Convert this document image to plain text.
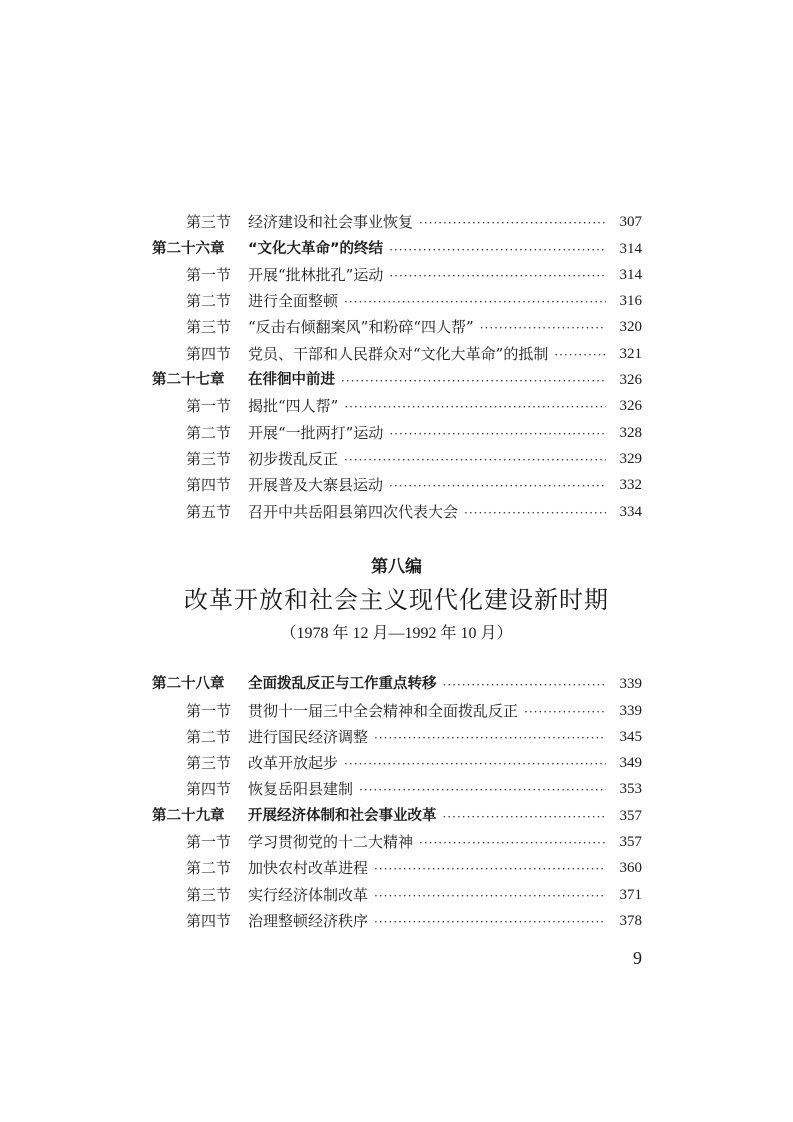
第三节	经济建设和社会事业恢复 ·····	307
第二十六章	“文化大革命”的终结 ·····	314
第一节	开展“批林批孔”运动 ·····	314
第二节	进行全面整顿 ·····	316
第三节	“反击右倾翻案风”和粉碎“四人帮” ·····	320
第四节	党员、干部和人民群众对“文化大革命”的抵制 ·····	321
第二十七章	在徘徊中前进 ·····	326
第一节	揭批“四人帮” ·····	326
第二节	开展“一批两打”运动 ·····	328
第三节	初步拨乱反正 ·····	329
第四节	开展普及大寨县运动 ·····	332
第五节	召开中共岳阳县第四次代表大会 ·····	334
第八编
改革开放和社会主义现代化建设新时期
（1978 年 12 月—1992 年 10 月）
第二十八章	全面拨乱反正与工作重点转移 ·····	339
第一节	贯彻十一届三中全会精神和全面拨乱反正 ·····	339
第二节	进行国民经济调整 ·····	345
第三节	改革开放起步 ·····	349
第四节	恢复岳阳县建制 ·····	353
第二十九章	开展经济体制和社会事业改革 ·····	357
第一节	学习贯彻党的十二大精神 ·····	357
第二节	加快农村改革进程 ·····	360
第三节	实行经济体制改革 ·····	371
第四节	治理整顿经济秩序 ·····	378
9
